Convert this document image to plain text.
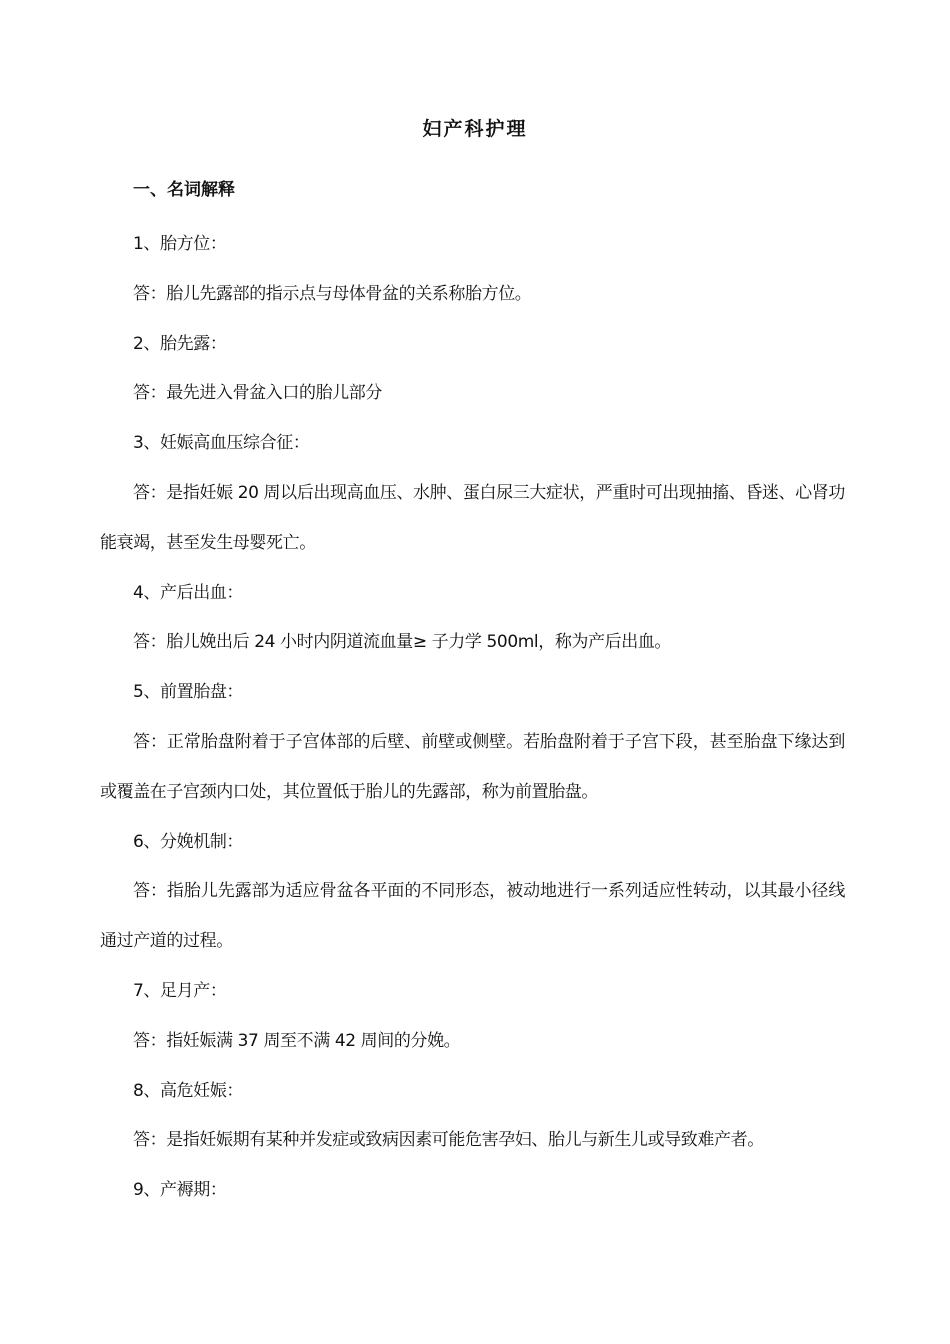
妇产科护理
一、名词解释

1、胎方位：

答：胎儿先露部的指示点与母体骨盆的关系称胎方位。

2、胎先露：

答：最先进入骨盆入口的胎儿部分

3、妊娠高血压综合征：

答：是指妊娠 20 周以后出现高血压、水肿、蛋白尿三大症状，严重时可出现抽搐、昏迷、心肾功能衰竭，甚至发生母婴死亡。

4、产后出血：

答：胎儿娩出后 24 小时内阴道流血量≥ 子力学 500ml，称为产后出血。

5、前置胎盘：

答：正常胎盘附着于子宫体部的后壁、前壁或侧壁。若胎盘附着于子宫下段，甚至胎盘下缘达到或覆盖在子宫颈内口处，其位置低于胎儿的先露部，称为前置胎盘。

6、分娩机制：

答：指胎儿先露部为适应骨盆各平面的不同形态，被动地进行一系列适应性转动，以其最小径线通过产道的过程。

7、足月产：

答：指妊娠满 37 周至不满 42 周间的分娩。

8、高危妊娠：

答：是指妊娠期有某种并发症或致病因素可能危害孕妇、胎儿与新生儿或导致难产者。

9、产褥期：
